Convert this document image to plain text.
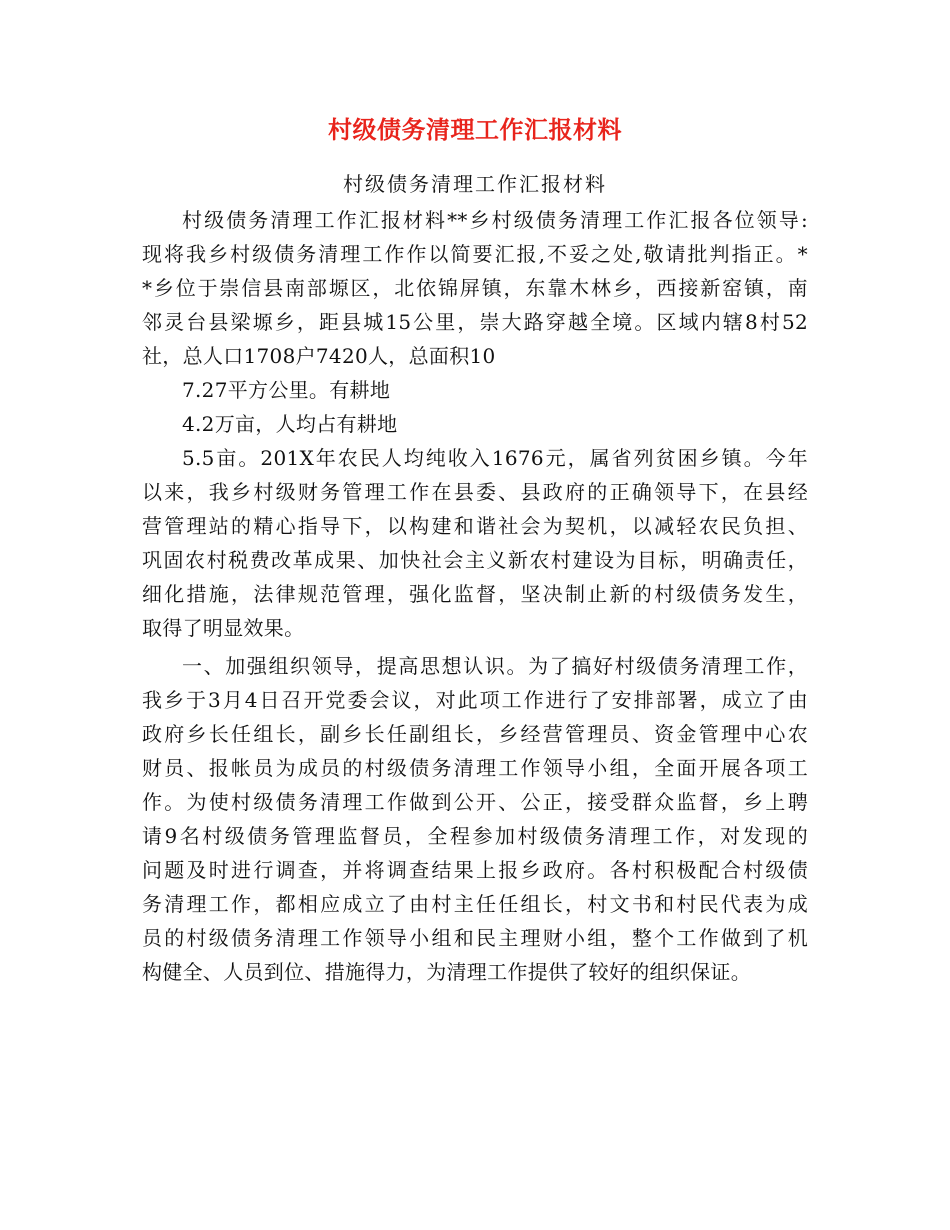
村级债务清理工作汇报材料
村级债务清理工作汇报材料
村级债务清理工作汇报材料**乡村级债务清理工作汇报各位领导:
现将我乡村级债务清理工作作以简要汇报,不妥之处,敬请批判指正。*
*乡位于崇信县南部塬区，北依锦屏镇，东靠木林乡，西接新窑镇，南
邻灵台县梁塬乡，距县城15公里，崇大路穿越全境。区域内辖8村52
社，总人口1708户7420人，总面积10
7.27平方公里。有耕地
4.2万亩，人均占有耕地
5.5亩。201X年农民人均纯收入1676元，属省列贫困乡镇。今年
以来，我乡村级财务管理工作在县委、县政府的正确领导下，在县经
营管理站的精心指导下，以构建和谐社会为契机，以减轻农民负担、
巩固农村税费改革成果、加快社会主义新农村建设为目标，明确责任，
细化措施，法律规范管理，强化监督，坚决制止新的村级债务发生，
取得了明显效果。
一、加强组织领导，提高思想认识。为了搞好村级债务清理工作，
我乡于3月4日召开党委会议，对此项工作进行了安排部署，成立了由
政府乡长任组长，副乡长任副组长，乡经营管理员、资金管理中心农
财员、报帐员为成员的村级债务清理工作领导小组，全面开展各项工
作。为使村级债务清理工作做到公开、公正，接受群众监督，乡上聘
请9名村级债务管理监督员，全程参加村级债务清理工作，对发现的
问题及时进行调查，并将调查结果上报乡政府。各村积极配合村级债
务清理工作，都相应成立了由村主任任组长，村文书和村民代表为成
员的村级债务清理工作领导小组和民主理财小组，整个工作做到了机
构健全、人员到位、措施得力，为清理工作提供了较好的组织保证。
